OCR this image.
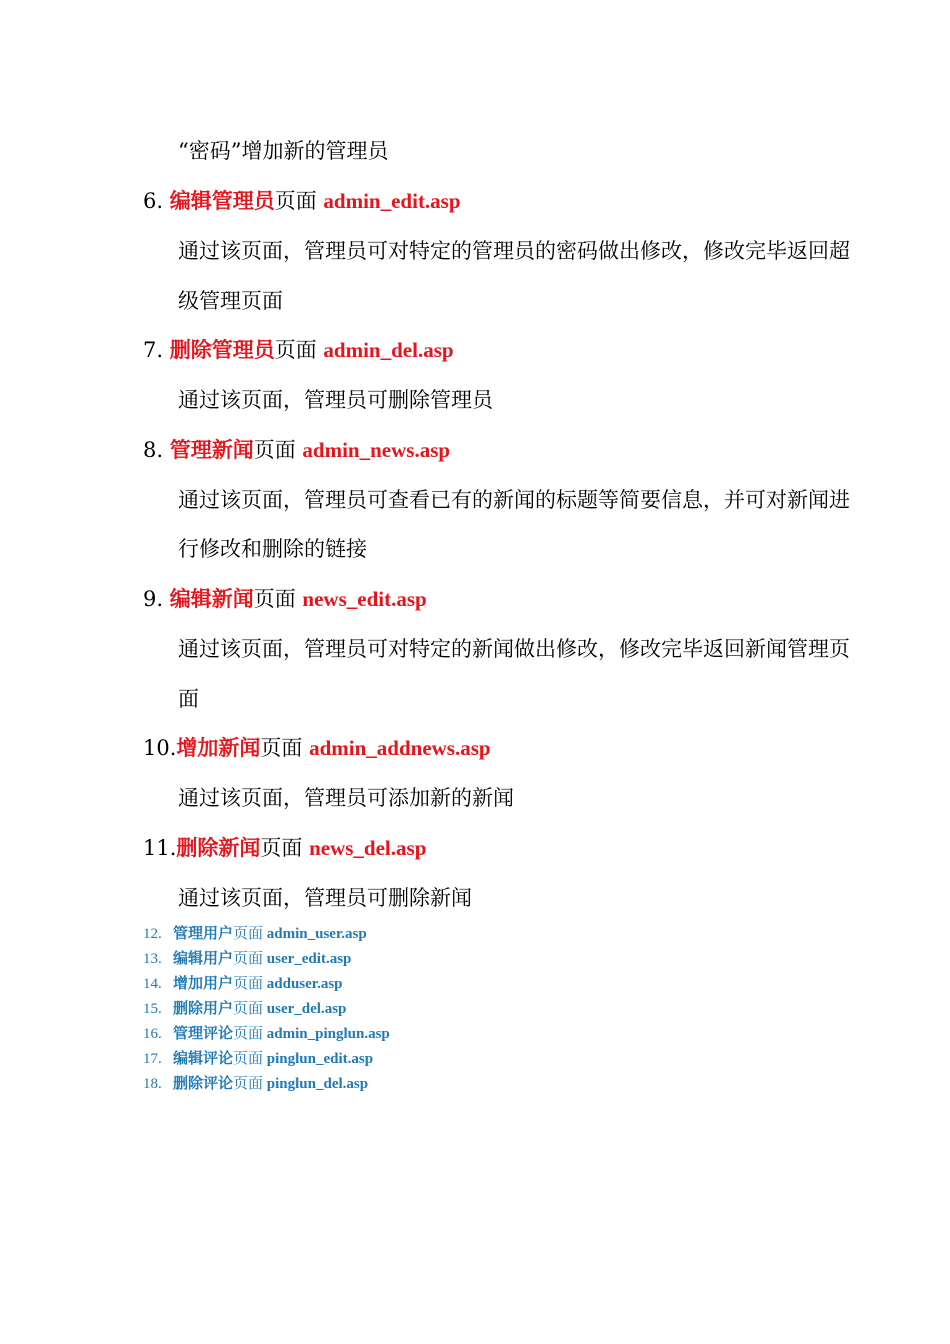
“密码”增加新的管理员
6. 编辑管理员页面 admin_edit.asp
通过该页面，管理员可对特定的管理员的密码做出修改，修改完毕返回超
级管理页面
7. 删除管理员页面 admin_del.asp
通过该页面，管理员可删除管理员
8. 管理新闻页面 admin_news.asp
通过该页面，管理员可查看已有的新闻的标题等简要信息，并可对新闻进
行修改和删除的链接
9. 编辑新闻页面 news_edit.asp
通过该页面，管理员可对特定的新闻做出修改，修改完毕返回新闻管理页
面
10.增加新闻页面 admin_addnews.asp
通过该页面，管理员可添加新的新闻
11.删除新闻页面 news_del.asp
通过该页面，管理员可删除新闻
12. 管理用户页面 admin_user.asp
13. 编辑用户页面 user_edit.asp
14. 增加用户页面 adduser.asp
15. 删除用户页面 user_del.asp
16. 管理评论页面 admin_pinglun.asp
17. 编辑评论页面 pinglun_edit.asp
18. 删除评论页面 pinglun_del.asp
